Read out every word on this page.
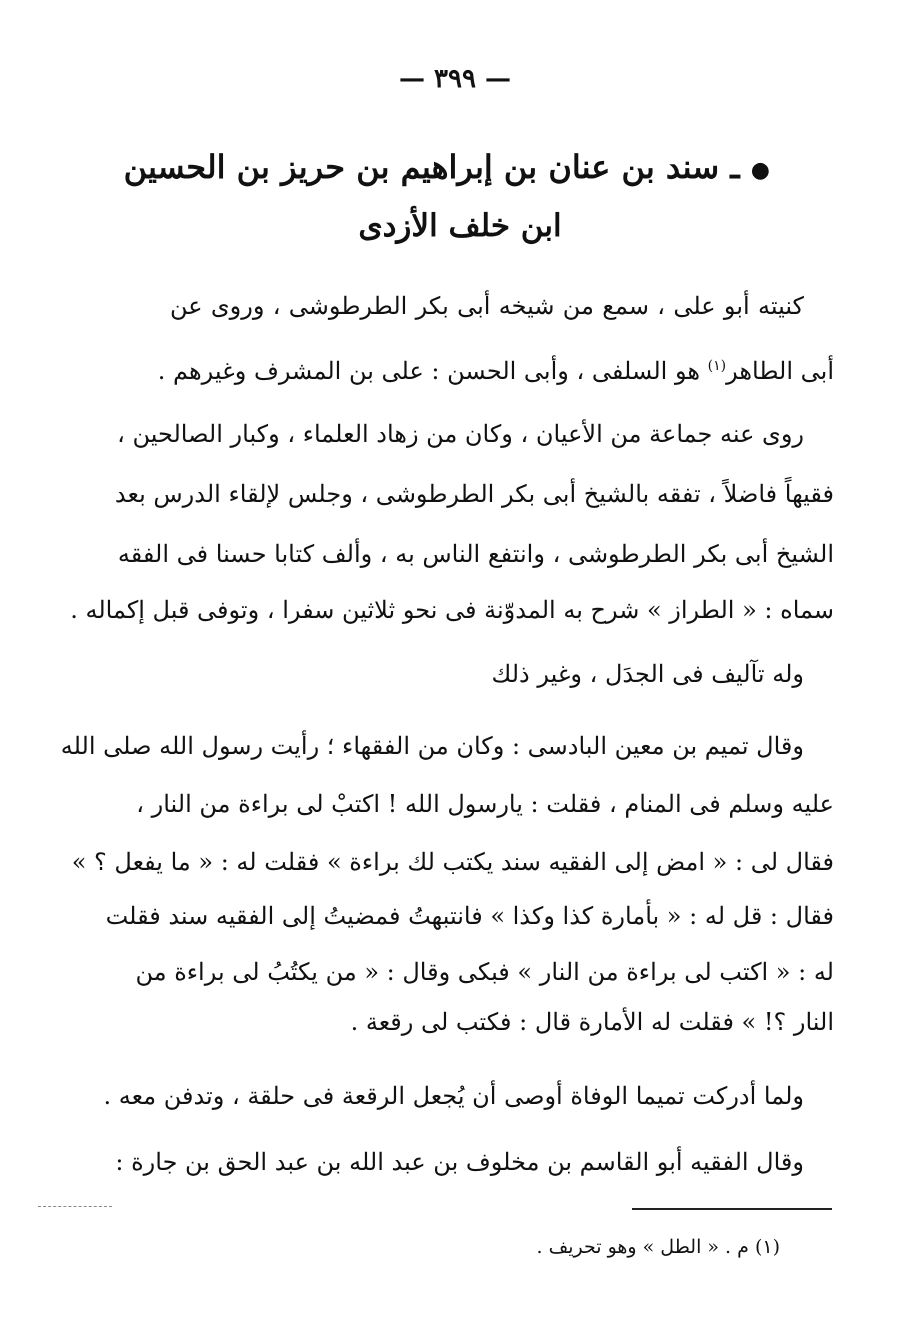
— ٣٩٩ —
● ـ سند بن عنان بن إبراهيم بن حريز بن الحسين
ابن خلف الأزدى
كنيته أبو على ، سمع من شيخه أبى بكر الطرطوشى ، وروى عن
أبى الطاهر$^{(١)}$ هو السلفى ، وأبى الحسن : على بن المشرف وغيرهم .
روى عنه جماعة من الأعيان ، وكان من زهاد العلماء ، وكبار الصالحين ،
فقيهاً فاضلاً ، تفقه بالشيخ أبى بكر الطرطوشى ، وجلس لإلقاء الدرس بعد
الشيخ أبى بكر الطرطوشى ، وانتفع الناس به ، وألف كتابا حسنا فى الفقه
سماه : « الطراز » شرح به المدوّنة فى نحو ثلاثين سفرا ، وتوفى قبل إكماله .
وله تآليف فى الجدَل ، وغير ذلك
وقال تميم بن معين البادسى : وكان من الفقهاء ؛ رأيت رسول الله صلى الله
عليه وسلم فى المنام ، فقلت : يارسول الله ! اكتبْ لى براءة من النار ،
فقال لى : « امض إلى الفقيه سند يكتب لك براءة » فقلت له : « ما يفعل ؟ »
فقال : قل له : « بأمارة كذا وكذا » فانتبهتُ فمضيتُ إلى الفقيه سند فقلت
له : « اكتب لى براءة من النار » فبكى وقال : « من يكتُبُ لى براءة من
النار ؟! » فقلت له الأمارة قال : فكتب لى رقعة .
ولما أدركت تميما الوفاة أوصى أن يُجعل الرقعة فى حلقة ، وتدفن معه .
وقال الفقيه أبو القاسم بن مخلوف بن عبد الله بن عبد الحق بن جارة :
(١) م . « الطل » وهو تحريف .
